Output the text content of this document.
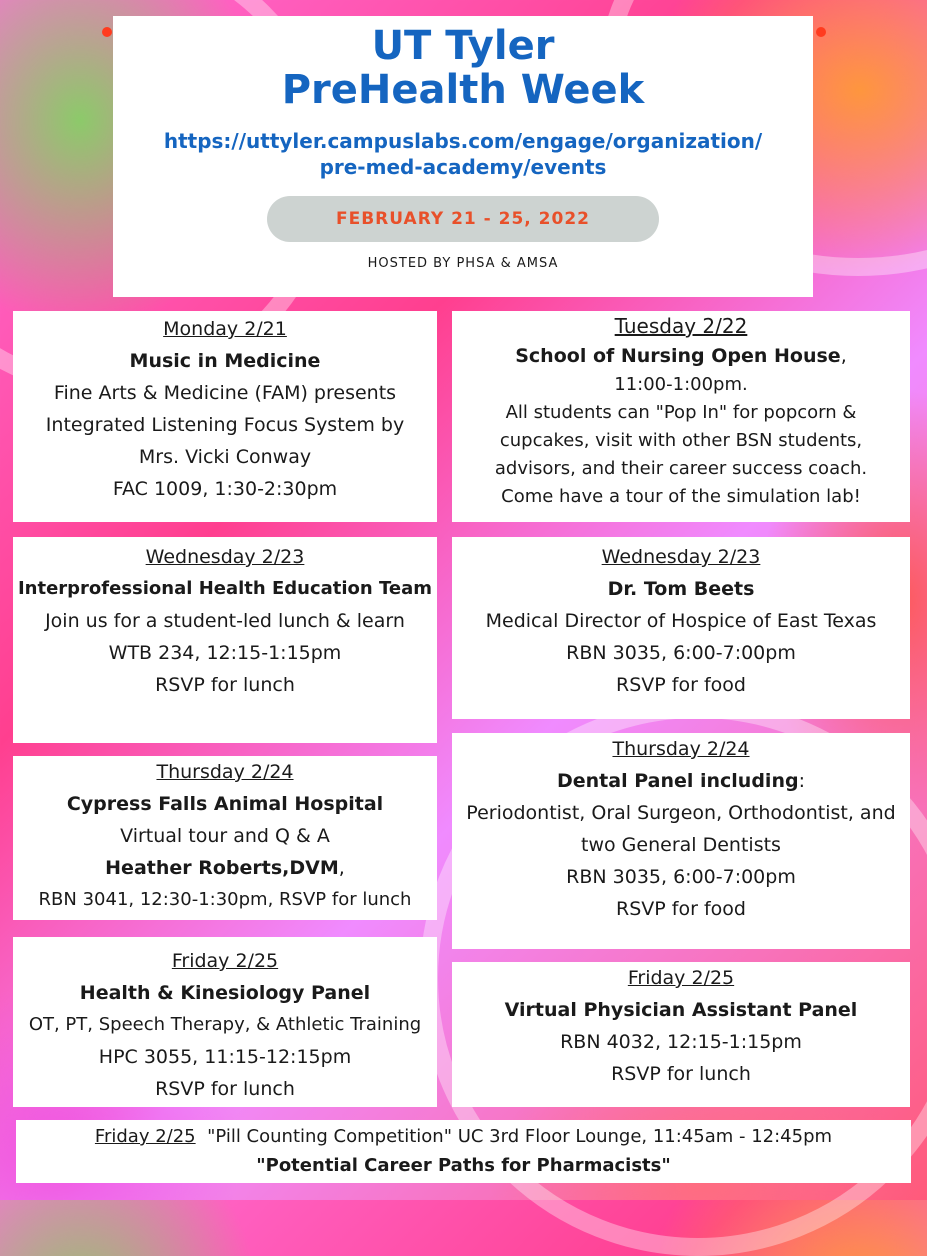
UT Tyler
PreHealth Week
https://uttyler.campuslabs.com/engage/organization/
pre-med-academy/events
FEBRUARY 21 - 25, 2022
HOSTED BY PHSA & AMSA
Monday 2/21
Music in Medicine
Fine Arts & Medicine (FAM) presents
Integrated Listening Focus System by
Mrs. Vicki Conway
FAC 1009, 1:30-2:30pm
Tuesday 2/22
School of Nursing Open House,
11:00-1:00pm.
All students can "Pop In" for popcorn &
cupcakes, visit with other BSN students,
advisors, and their career success coach.
Come have a tour of the simulation lab!
Wednesday 2/23
Interprofessional Health Education Team
Join us for a student-led lunch & learn
WTB 234, 12:15-1:15pm
RSVP for lunch
Wednesday 2/23
Dr. Tom Beets
Medical Director of Hospice of East Texas
RBN 3035, 6:00-7:00pm
RSVP for food
Thursday 2/24
Cypress Falls Animal Hospital
Virtual tour and Q & A
Heather Roberts,DVM,
RBN 3041, 12:30-1:30pm, RSVP for lunch
Thursday 2/24
Dental Panel including:
Periodontist, Oral Surgeon, Orthodontist, and
two General Dentists
RBN 3035, 6:00-7:00pm
RSVP for food
Friday 2/25
Health & Kinesiology Panel
OT, PT, Speech Therapy, & Athletic Training
HPC 3055, 11:15-12:15pm
RSVP for lunch
Friday 2/25
Virtual Physician Assistant Panel
RBN 4032, 12:15-1:15pm
RSVP for lunch
Friday 2/25 "Pill Counting Competition" UC 3rd Floor Lounge, 11:45am - 12:45pm
"Potential Career Paths for Pharmacists"
